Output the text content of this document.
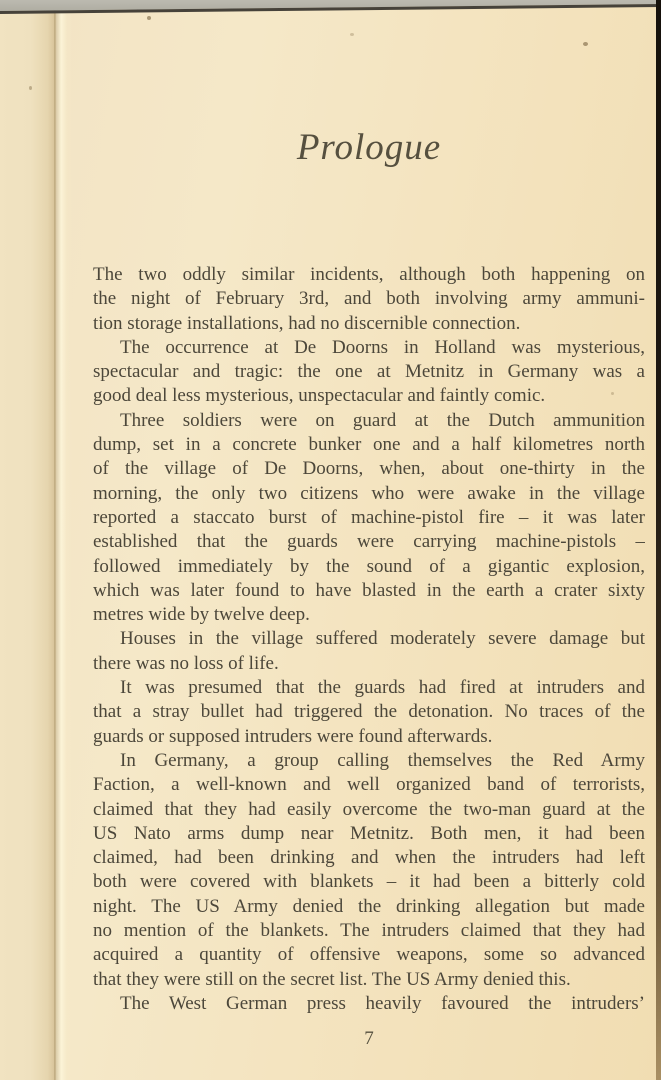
Prologue
The two oddly similar incidents, although both happening on
the night of February 3rd, and both involving army ammuni-
tion storage installations, had no discernible connection.
The occurrence at De Doorns in Holland was mysterious,
spectacular and tragic: the one at Metnitz in Germany was a
good deal less mysterious, unspectacular and faintly comic.
Three soldiers were on guard at the Dutch ammunition
dump, set in a concrete bunker one and a half kilometres north
of the village of De Doorns, when, about one-thirty in the
morning, the only two citizens who were awake in the village
reported a staccato burst of machine-pistol fire – it was later
established that the guards were carrying machine-pistols –
followed immediately by the sound of a gigantic explosion,
which was later found to have blasted in the earth a crater sixty
metres wide by twelve deep.
Houses in the village suffered moderately severe damage but
there was no loss of life.
It was presumed that the guards had fired at intruders and
that a stray bullet had triggered the detonation. No traces of the
guards or supposed intruders were found afterwards.
In Germany, a group calling themselves the Red Army
Faction, a well-known and well organized band of terrorists,
claimed that they had easily overcome the two-man guard at the
US Nato arms dump near Metnitz. Both men, it had been
claimed, had been drinking and when the intruders had left
both were covered with blankets – it had been a bitterly cold
night. The US Army denied the drinking allegation but made
no mention of the blankets. The intruders claimed that they had
acquired a quantity of offensive weapons, some so advanced
that they were still on the secret list. The US Army denied this.
The West German press heavily favoured the intruders’
7
